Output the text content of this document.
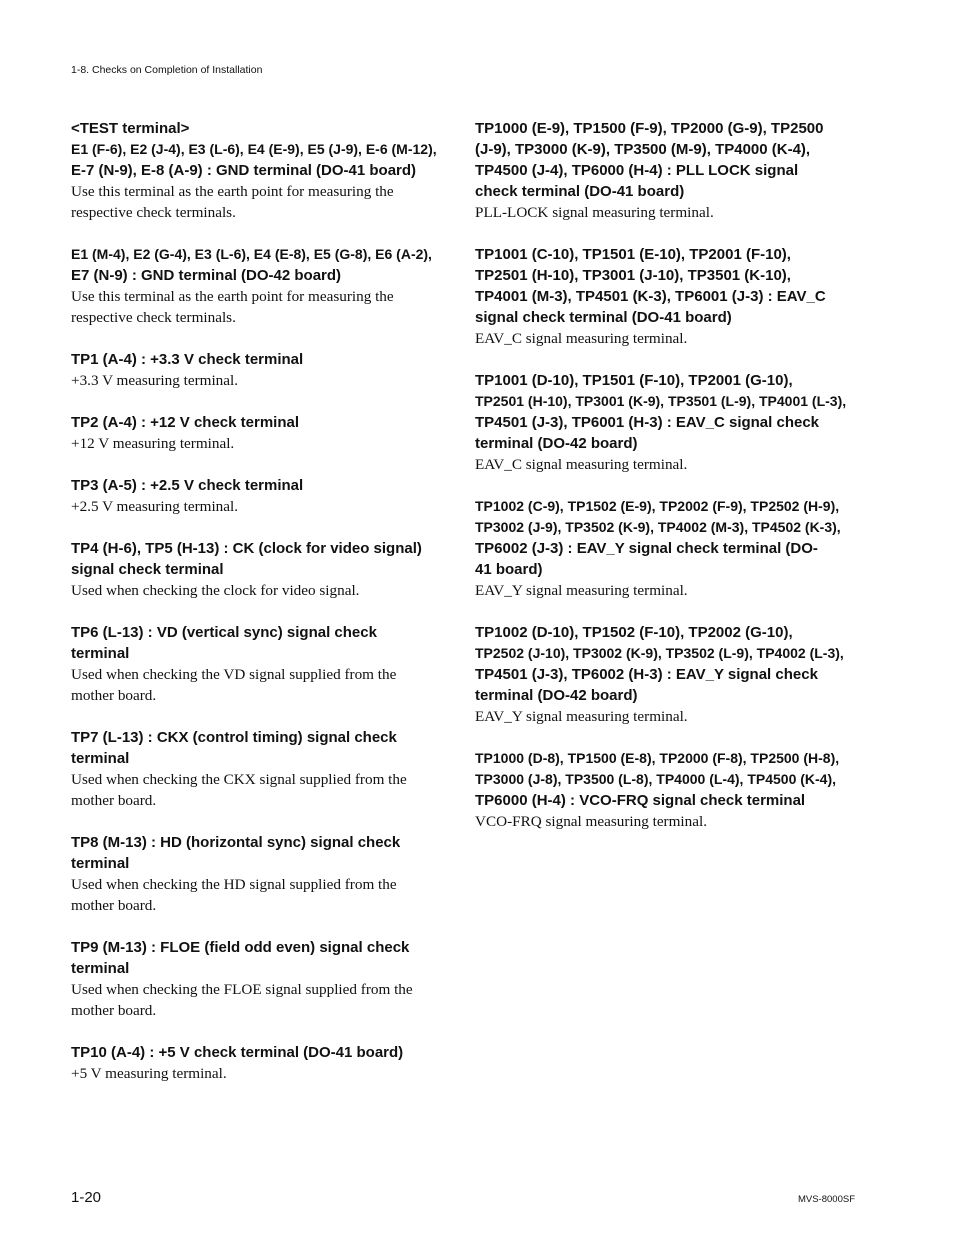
1-8. Checks on Completion of Installation
<TEST terminal>
E1 (F-6), E2 (J-4), E3 (L-6), E4 (E-9), E5 (J-9), E-6 (M-12),
E-7 (N-9), E-8 (A-9) : GND terminal (DO-41 board)
Use this terminal as the earth point for measuring the
respective check terminals.
E1 (M-4), E2 (G-4), E3 (L-6), E4 (E-8), E5 (G-8), E6 (A-2),
E7 (N-9) : GND terminal (DO-42 board)
Use this terminal as the earth point for measuring the
respective check terminals.
TP1 (A-4) : +3.3 V check terminal
+3.3 V measuring terminal.
TP2 (A-4) : +12 V check terminal
+12 V measuring terminal.
TP3 (A-5) : +2.5 V check terminal
+2.5 V measuring terminal.
TP4 (H-6), TP5 (H-13) : CK (clock for video signal)
signal check terminal
Used when checking the clock for video signal.
TP6 (L-13) : VD (vertical sync) signal check
terminal
Used when checking the VD signal supplied from the
mother board.
TP7 (L-13) : CKX (control timing) signal check
terminal
Used when checking the CKX signal supplied from the
mother board.
TP8 (M-13) : HD (horizontal sync) signal check
terminal
Used when checking the HD signal supplied from the
mother board.
TP9 (M-13) : FLOE (field odd even) signal check
terminal
Used when checking the FLOE signal supplied from the
mother board.
TP10 (A-4) : +5 V check terminal (DO-41 board)
+5 V measuring terminal.
TP1000 (E-9), TP1500 (F-9), TP2000 (G-9), TP2500
(J-9), TP3000 (K-9), TP3500 (M-9), TP4000 (K-4),
TP4500 (J-4), TP6000 (H-4) : PLL LOCK signal
check terminal (DO-41 board)
PLL-LOCK signal measuring terminal.
TP1001 (C-10), TP1501 (E-10), TP2001 (F-10),
TP2501 (H-10), TP3001 (J-10), TP3501 (K-10),
TP4001 (M-3), TP4501 (K-3), TP6001 (J-3) : EAV_C
signal check terminal (DO-41 board)
EAV_C signal measuring terminal.
TP1001 (D-10), TP1501 (F-10), TP2001 (G-10),
TP2501 (H-10), TP3001 (K-9), TP3501 (L-9), TP4001 (L-3),
TP4501 (J-3), TP6001 (H-3) : EAV_C signal check
terminal (DO-42 board)
EAV_C signal measuring terminal.
TP1002 (C-9), TP1502 (E-9), TP2002 (F-9), TP2502 (H-9),
TP3002 (J-9), TP3502 (K-9), TP4002 (M-3), TP4502 (K-3),
TP6002 (J-3) : EAV_Y signal check terminal (DO-
41 board)
EAV_Y signal measuring terminal.
TP1002 (D-10), TP1502 (F-10), TP2002 (G-10),
TP2502 (J-10), TP3002 (K-9), TP3502 (L-9), TP4002 (L-3),
TP4501 (J-3), TP6002 (H-3) : EAV_Y signal check
terminal (DO-42 board)
EAV_Y signal measuring terminal.
TP1000 (D-8), TP1500 (E-8), TP2000 (F-8), TP2500 (H-8),
TP3000 (J-8), TP3500 (L-8), TP4000 (L-4), TP4500 (K-4),
TP6000 (H-4) : VCO-FRQ signal check terminal
VCO-FRQ signal measuring terminal.
1-20	MVS-8000SF
